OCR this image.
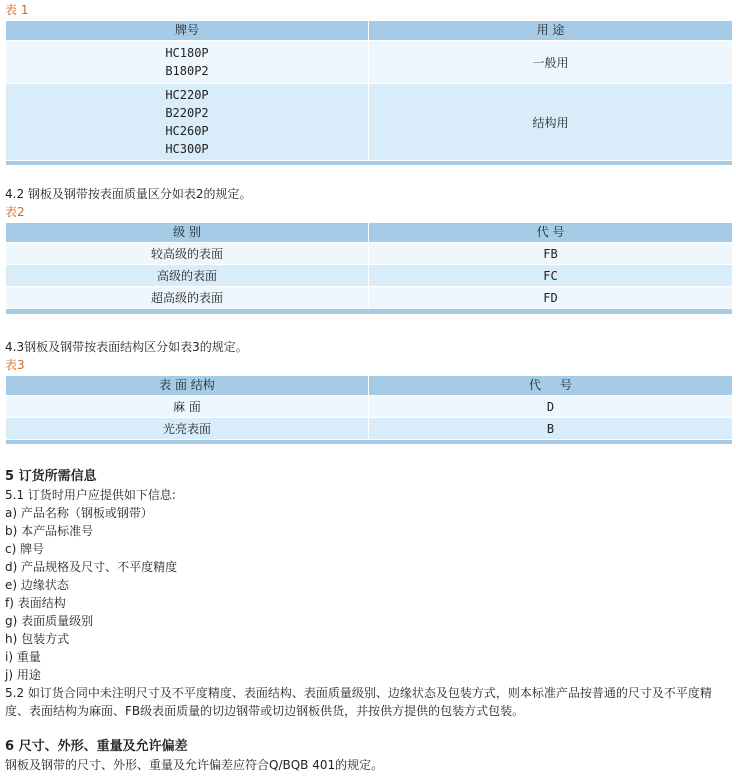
表 1
牌号	用 途

HC180P
B180P2	一般用

HC220P
B220P2
HC260P
HC300P	结构用

4.2 钢板及钢带按表面质量区分如表2的规定。
表2
级 别	代 号
较高级的表面	FB
高级的表面	FC
超高级的表面	FD

4.3钢板及钢带按表面结构区分如表3的规定。
表3
表 面 结构	代     号
麻 面	D
光亮表面	B

5 订货所需信息
5.1 订货时用户应提供如下信息:
a) 产品名称（钢板或钢带）
b) 本产品标准号
c) 牌号
d) 产品规格及尺寸、不平度精度
e) 边缘状态
f) 表面结构
g) 表面质量级别
h) 包装方式
i) 重量
j) 用途
5.2 如订货合同中未注明尺寸及不平度精度、表面结构、表面质量级别、边缘状态及包装方式，则本标准产品按普通的尺寸及不平度精度、表面结构为麻面、FB级表面质量的切边钢带或切边钢板供货，并按供方提供的包装方式包装。
6 尺寸、外形、重量及允许偏差
钢板及钢带的尺寸、外形、重量及允许偏差应符合Q/BQB 401的规定。
